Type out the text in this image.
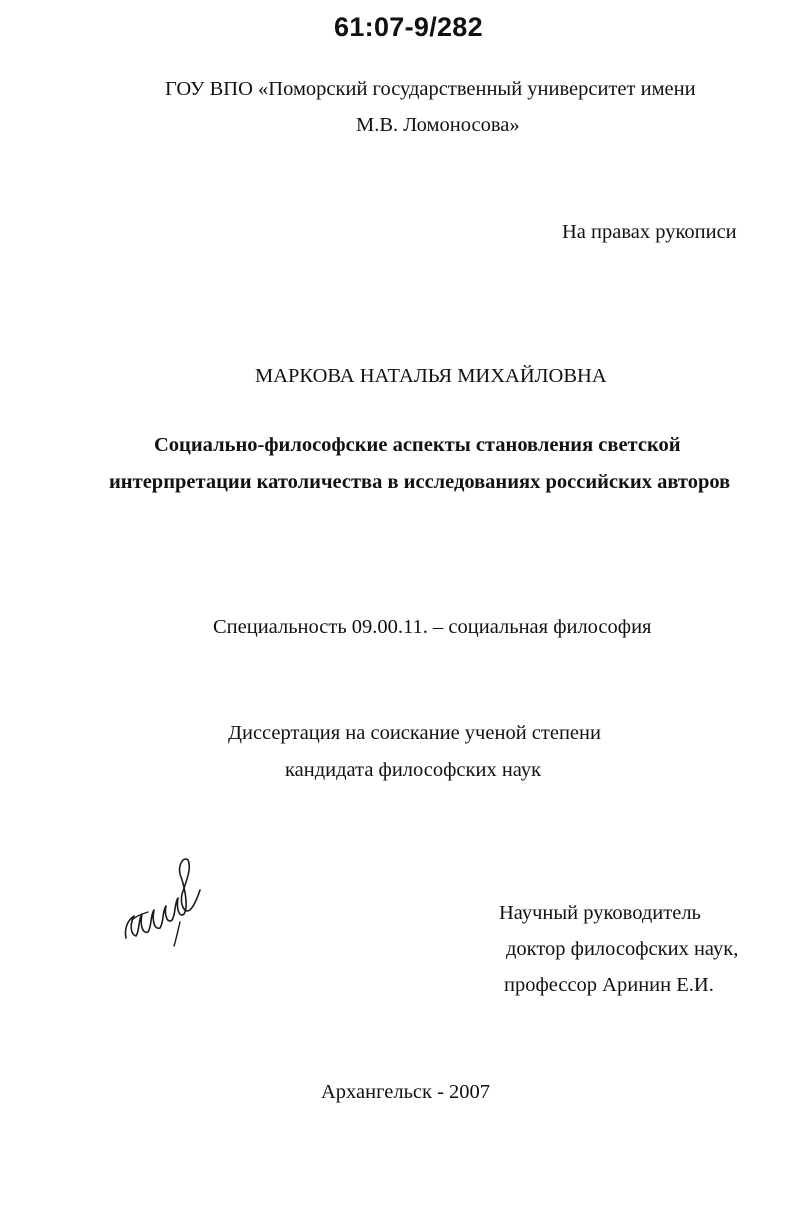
61:07-9/282
ГОУ ВПО «Поморский государственный университет имени
М.В. Ломоносова»
На правах рукописи
МАРКОВА НАТАЛЬЯ МИХАЙЛОВНА
Социально-философские аспекты становления светской
интерпретации католичества в исследованиях российских авторов
Специальность 09.00.11. – социальная философия
Диссертация на соискание ученой степени
кандидата философских наук
Научный руководитель
доктор философских наук,
профессор Аринин Е.И.
Архангельск - 2007
